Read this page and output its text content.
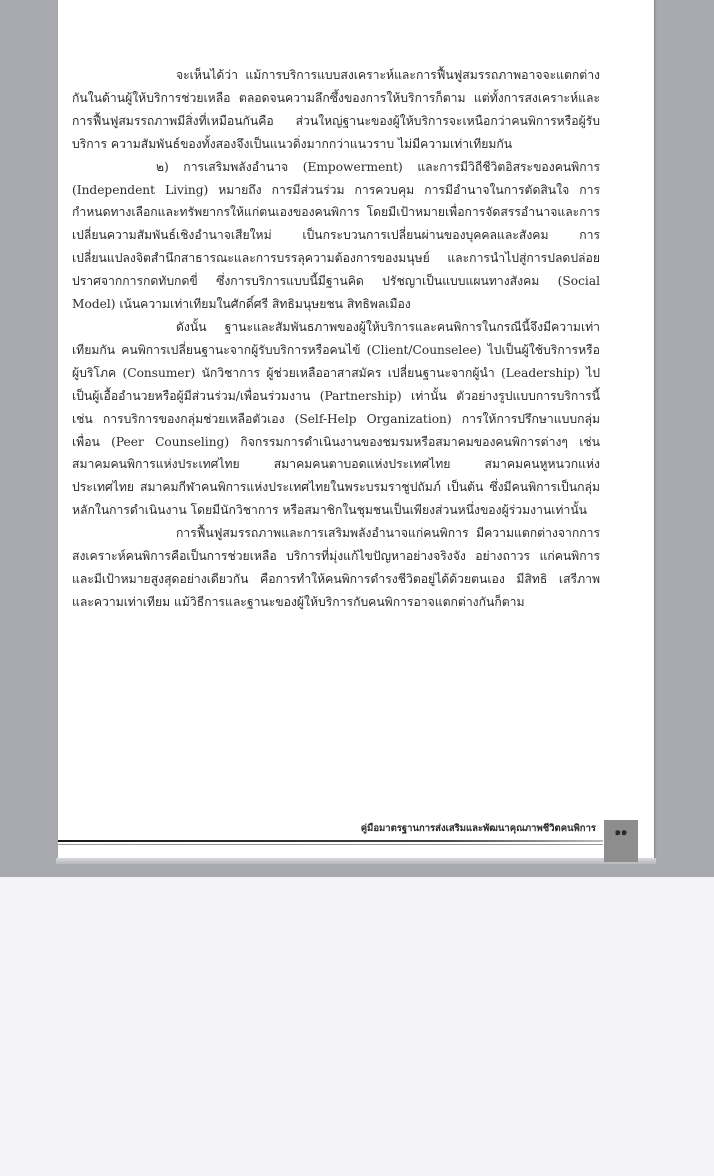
จะเห็นได้ว่า แม้การบริการแบบสงเคราะห์และการฟื้นฟูสมรรถภาพอาจจะแตกต่างกันในด้านผู้ให้บริการช่วยเหลือ ตลอดจนความลึกซึ้งของการให้บริการก็ตาม แต่ทั้งการสงเคราะห์และการฟื้นฟูสมรรถภาพมีสิ่งที่เหมือนกันคือ ส่วนใหญ่ฐานะของผู้ให้บริการจะเหนือกว่าคนพิการหรือผู้รับบริการ ความสัมพันธ์ของทั้งสองจึงเป็นแนวดิ่งมากกว่าแนวราบ ไม่มีความเท่าเทียมกัน

๒) การเสริมพลังอำนาจ (Empowerment) และการมีวิถีชีวิตอิสระของคนพิการ (Independent Living) หมายถึง การมีส่วนร่วม การควบคุม การมีอำนาจในการตัดสินใจ การกำหนดทางเลือกและทรัพยากรให้แก่ตนเองของคนพิการ โดยมีเป้าหมายเพื่อการจัดสรรอำนาจและการเปลี่ยนความสัมพันธ์เชิงอำนาจเสียใหม่ เป็นกระบวนการเปลี่ยนผ่านของบุคคลและสังคม การเปลี่ยนแปลงจิตสำนึกสาธารณะและการบรรลุความต้องการของมนุษย์ และการนำไปสู่การปลดปล่อย ปราศจากการกดทับกดขี่ ซึ่งการบริการแบบนี้มีฐานคิด ปรัชญาเป็นแบบแผนทางสังคม (Social Model) เน้นความเท่าเทียมในศักดิ์ศรี สิทธิมนุษยชน สิทธิพลเมือง

ดังนั้น ฐานะและสัมพันธภาพของผู้ให้บริการและคนพิการในกรณีนี้จึงมีความเท่าเทียมกัน คนพิการเปลี่ยนฐานะจากผู้รับบริการหรือคนไข้ (Client/Counselee) ไปเป็นผู้ใช้บริการหรือผู้บริโภค (Consumer) นักวิชาการ ผู้ช่วยเหลืออาสาสมัคร เปลี่ยนฐานะจากผู้นำ (Leadership) ไปเป็นผู้เอื้ออำนวยหรือผู้มีส่วนร่วม/เพื่อนร่วมงาน (Partnership) เท่านั้น ตัวอย่างรูปแบบการบริการนี้ เช่น การบริการของกลุ่มช่วยเหลือตัวเอง (Self-Help Organization) การให้การปรึกษาแบบกลุ่มเพื่อน (Peer Counseling) กิจกรรมการดำเนินงานของชมรมหรือสมาคมของคนพิการต่างๆ เช่น สมาคมคนพิการแห่งประเทศไทย สมาคมคนตาบอดแห่งประเทศไทย สมาคมคนหูหนวกแห่งประเทศไทย สมาคมกีฬาคนพิการแห่งประเทศไทยในพระบรมราชูปถัมภ์ เป็นต้น ซึ่งมีคนพิการเป็นกลุ่มหลักในการดำเนินงาน โดยมีนักวิชาการ หรือสมาชิกในชุมชนเป็นเพียงส่วนหนึ่งของผู้ร่วมงานเท่านั้น

การฟื้นฟูสมรรถภาพและการเสริมพลังอำนาจแก่คนพิการ มีความแตกต่างจากการสงเคราะห์คนพิการคือเป็นการช่วยเหลือ บริการที่มุ่งแก้ไขปัญหาอย่างจริงจัง อย่างถาวร แก่คนพิการ และมีเป้าหมายสูงสุดอย่างเดียวกัน คือการทำให้คนพิการดำรงชีวิตอยู่ได้ด้วยตนเอง มีสิทธิ เสรีภาพ และความเท่าเทียม แม้วิธีการและฐานะของผู้ให้บริการกับคนพิการอาจแตกต่างกันก็ตาม

คู่มือมาตรฐานการส่งเสริมและพัฒนาคุณภาพชีวิตคนพิการ	๑๑
